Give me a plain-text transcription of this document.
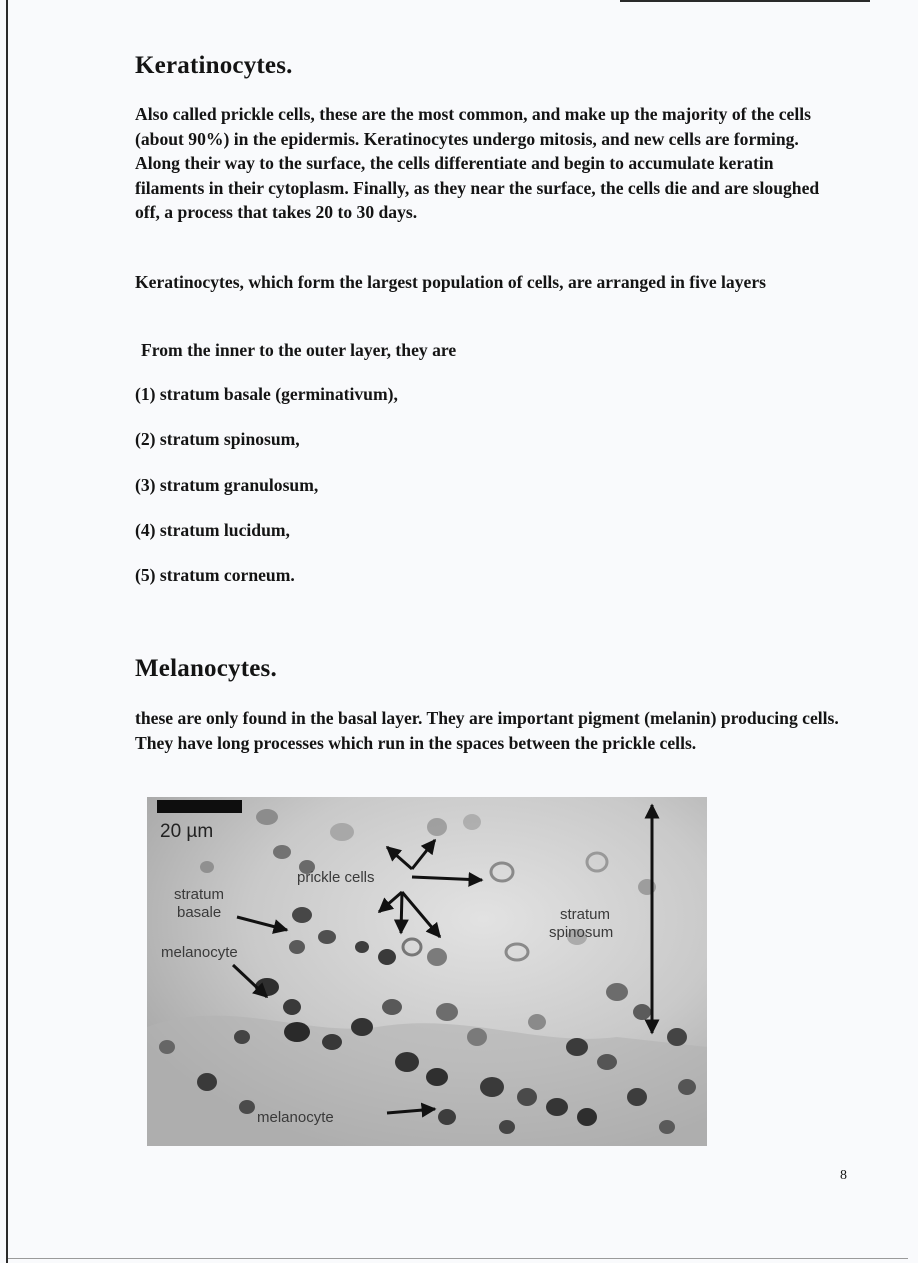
Keratinocytes.

Also called prickle cells, these are the most common, and make up the majority of the cells (about 90%) in the epidermis. Keratinocytes undergo mitosis, and new cells are forming. Along their way to the surface, the cells differentiate and begin to accumulate keratin filaments in their cytoplasm. Finally, as they near the surface, the cells die and are sloughed off, a process that takes 20 to 30 days.

Keratinocytes, which form the largest population of cells, are arranged in five layers

From the inner to the outer layer, they are

(1) stratum basale (germinativum),

(2) stratum spinosum,

(3) stratum granulosum,

(4) stratum lucidum,

(5) stratum corneum.

Melanocytes.

these are only found in the basal layer. They are important pigment (melanin) producing cells. They have long processes which run in the spaces between the prickle cells.

20 µm
stratum
basale
melanocyte
prickle cells
stratum
spinosum
melanocyte
8
